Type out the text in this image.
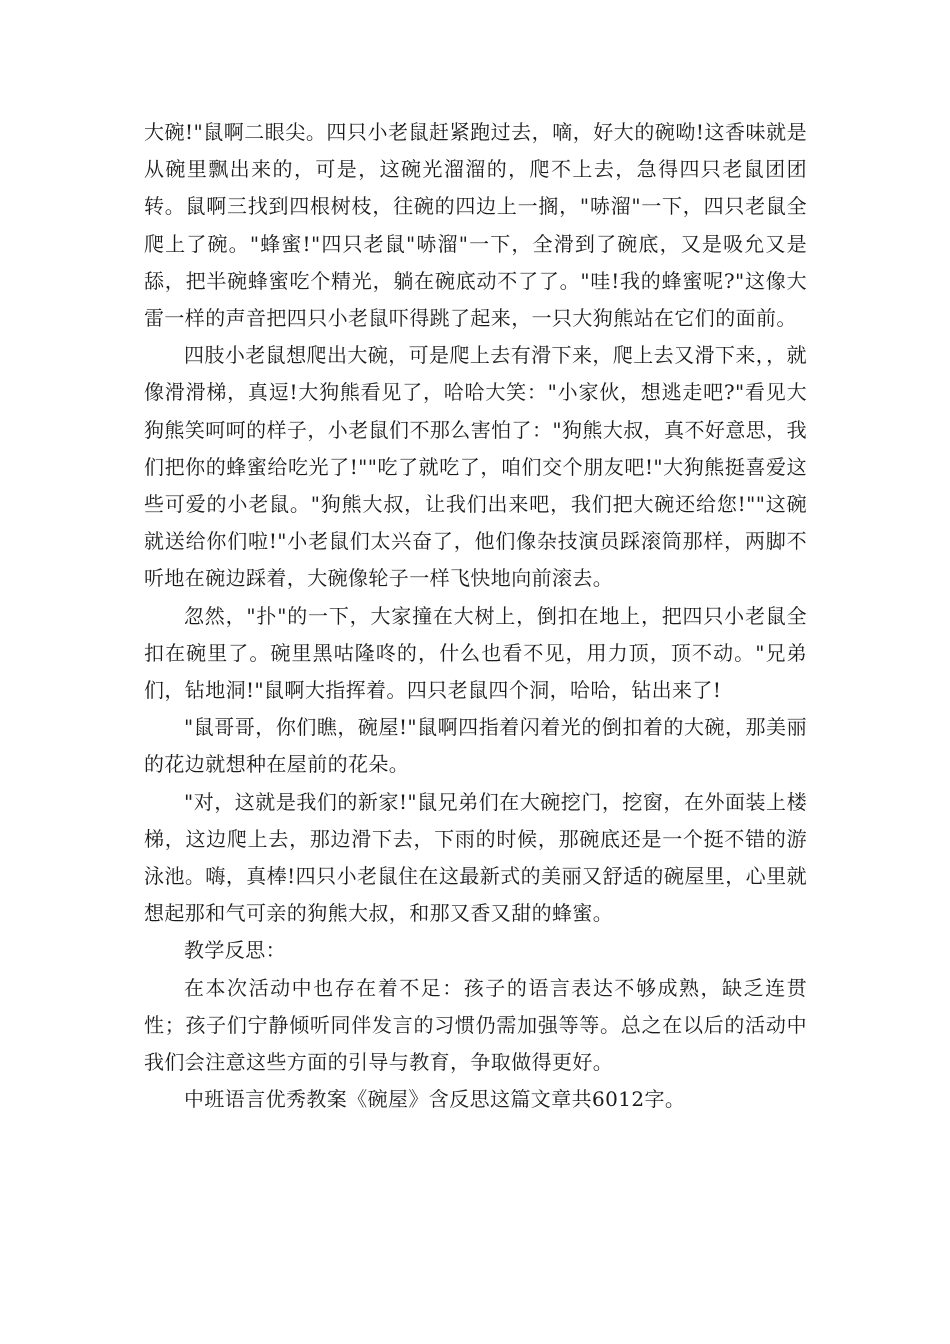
大碗!"鼠啊二眼尖。四只小老鼠赶紧跑过去，嘀，好大的碗呦!这香味就是从碗里飘出来的，可是，这碗光溜溜的，爬不上去，急得四只老鼠团团转。鼠啊三找到四根树枝，往碗的四边上一搁，"哧溜"一下，四只老鼠全爬上了碗。"蜂蜜!"四只老鼠"哧溜"一下，全滑到了碗底，又是吸允又是舔，把半碗蜂蜜吃个精光，躺在碗底动不了了。"哇!我的蜂蜜呢?"这像大雷一样的声音把四只小老鼠吓得跳了起来，一只大狗熊站在它们的面前。

四肢小老鼠想爬出大碗，可是爬上去有滑下来，爬上去又滑下来，，就像滑滑梯，真逗!大狗熊看见了，哈哈大笑："小家伙，想逃走吧?"看见大狗熊笑呵呵的样子，小老鼠们不那么害怕了："狗熊大叔，真不好意思，我们把你的蜂蜜给吃光了!""吃了就吃了，咱们交个朋友吧!"大狗熊挺喜爱这些可爱的小老鼠。"狗熊大叔，让我们出来吧，我们把大碗还给您!""这碗就送给你们啦!"小老鼠们太兴奋了，他们像杂技演员踩滚筒那样，两脚不听地在碗边踩着，大碗像轮子一样飞快地向前滚去。

忽然，"扑"的一下，大家撞在大树上，倒扣在地上，把四只小老鼠全扣在碗里了。碗里黑咕隆咚的，什么也看不见，用力顶，顶不动。"兄弟们，钻地洞!"鼠啊大指挥着。四只老鼠四个洞，哈哈，钻出来了!

"鼠哥哥，你们瞧，碗屋!"鼠啊四指着闪着光的倒扣着的大碗，那美丽的花边就想种在屋前的花朵。

"对，这就是我们的新家!"鼠兄弟们在大碗挖门，挖窗，在外面装上楼梯，这边爬上去，那边滑下去，下雨的时候，那碗底还是一个挺不错的游泳池。嗨，真棒!四只小老鼠住在这最新式的美丽又舒适的碗屋里，心里就想起那和气可亲的狗熊大叔，和那又香又甜的蜂蜜。

教学反思：

在本次活动中也存在着不足：孩子的语言表达不够成熟，缺乏连贯性；孩子们宁静倾听同伴发言的习惯仍需加强等等。总之在以后的活动中我们会注意这些方面的引导与教育，争取做得更好。

中班语言优秀教案《碗屋》含反思这篇文章共6012字。
